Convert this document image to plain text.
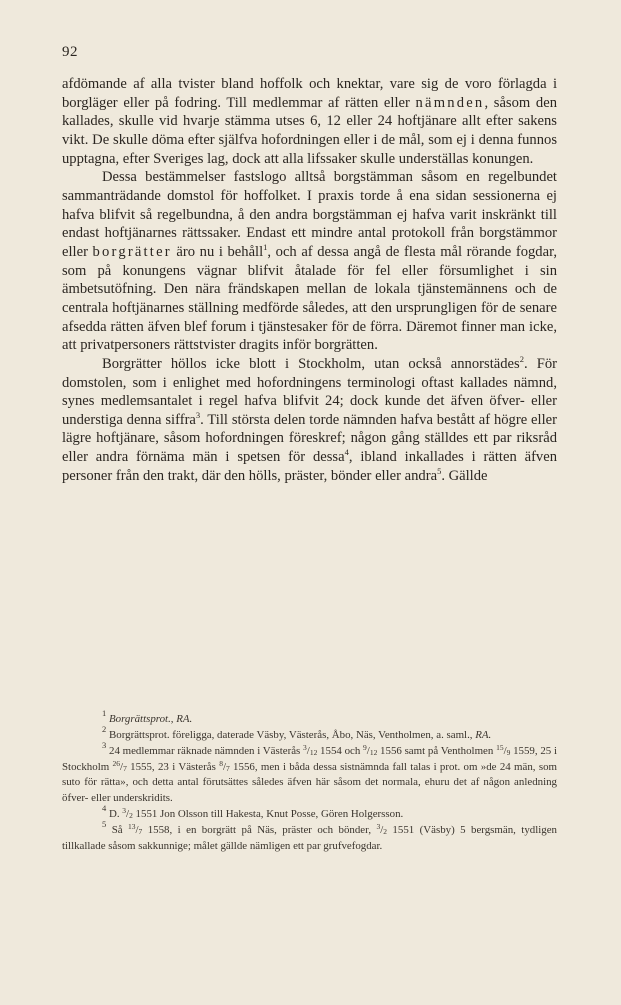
92

afdömande af alla tvister bland hoffolk och knektar, vare sig de voro förlagda i borgläger eller på fodring. Till medlemmar af rätten eller nämnden, såsom den kallades, skulle vid hvarje stämma utses 6, 12 eller 24 hoftjänare allt efter sakens vikt. De skulle döma efter själfva hofordningen eller i de mål, som ej i denna funnos upptagna, efter Sveriges lag, dock att alla lifssaker skulle underställas konungen.

Dessa bestämmelser fastslogo alltså borgstämman såsom en regelbundet sammanträdande domstol för hoffolket. I praxis torde å ena sidan sessionerna ej hafva blifvit så regelbundna, å den andra borgstämman ej hafva varit inskränkt till endast hoftjänarnes rättssaker. Endast ett mindre antal protokoll från borgstämmor eller borgrätter äro nu i behåll$^1$, och af dessa angå de flesta mål rörande fogdar, som på konungens vägnar blifvit åtalade för fel eller försumlighet i sin ämbetsutöfning. Den nära frändskapen mellan de lokala tjänstemännens och de centrala hoftjänarnes ställning medförde således, att den ursprungligen för de senare afsedda rätten äfven blef forum i tjänstesaker för de förra. Däremot finner man icke, att privatpersoners rättstvister dragits inför borgrätten.

Borgrätter höllos icke blott i Stockholm, utan också annorstädes$^2$. För domstolen, som i enlighet med hofordningens terminologi oftast kallades nämnd, synes medlemsantalet i regel hafva blifvit 24; dock kunde det äfven öfver- eller understiga denna siffra$^3$. Till största delen torde nämnden hafva bestått af högre eller lägre hoftjänare, såsom hofordningen föreskref; någon gång ställdes ett par riksråd eller andra förnäma män i spetsen för dessa$^4$, ibland inkallades i rätten äfven personer från den trakt, där den hölls, präster, bönder eller andra$^5$. Gällde

$^1$ Borgrättsprot., RA.

$^2$ Borgrättsprot. föreligga, daterade Väsby, Västerås, Åbo, Näs, Ventholmen, a. saml., RA.

$^3$ 24 medlemmar räknade nämnden i Västerås $^3$/12 1554 och $^9$/12 1556 samt på Ventholmen $^{15}$/9 1559, 25 i Stockholm $^{26}$/7 1555, 23 i Västerås $^8$/7 1556, men i båda dessa sistnämnda fall talas i prot. om »de 24 män, som suto för rätta», och detta antal förutsättes således äfven här såsom det normala, ehuru det af någon anledning öfver- eller underskridits.

$^4$ D. $^3$/2 1551 Jon Olsson till Hakesta, Knut Posse, Gören Holgersson.

$^5$ Så $^{13}$/7 1558, i en borgrätt på Näs, präster och bönder, $^3$/2 1551 (Väsby) 5 bergsmän, tydligen tillkallade såsom sakkunnige; målet gällde nämligen ett par grufvefogdar.
